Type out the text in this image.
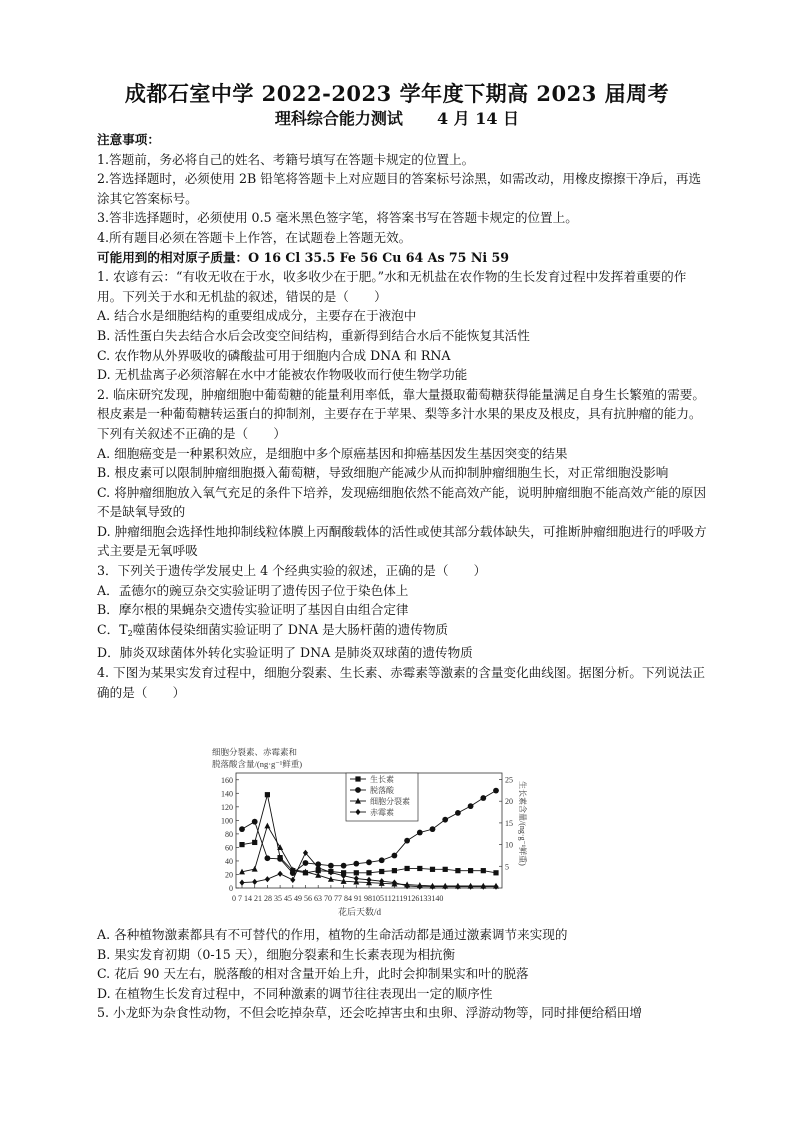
成都石室中学 2022-2023 学年度下期高 2023 届周考
理科综合能力测试 4 月 14 日

注意事项：

1.答题前，务必将自己的姓名、考籍号填写在答题卡规定的位置上。

2.答选择题时，必须使用 2B 铅笔将答题卡上对应题目的答案标号涂黑，如需改动，用橡皮擦擦干净后，再选涂其它答案标号。

3.答非选择题时，必须使用 0.5 毫米黑色签字笔，将答案书写在答题卡规定的位置上。

4.所有题目必须在答题卡上作答，在试题卷上答题无效。

可能用到的相对原子质量：O 16 Cl 35.5 Fe 56 Cu 64 As 75 Ni 59

1. 农谚有云：“有收无收在于水，收多收少在于肥。”水和无机盐在农作物的生长发育过程中发挥着重要的作用。下列关于水和无机盐的叙述，错误的是（　　）

A. 结合水是细胞结构的重要组成成分，主要存在于液泡中

B. 活性蛋白失去结合水后会改变空间结构，重新得到结合水后不能恢复其活性

C. 农作物从外界吸收的磷酸盐可用于细胞内合成 DNA 和 RNA

D. 无机盐离子必须溶解在水中才能被农作物吸收而行使生物学功能

2. 临床研究发现，肿瘤细胞中葡萄糖的能量利用率低，靠大量摄取葡萄糖获得能量满足自身生长繁殖的需要。根皮素是一种葡萄糖转运蛋白的抑制剂，主要存在于苹果、梨等多汁水果的果皮及根皮，具有抗肿瘤的能力。下列有关叙述不正确的是（　　）

A. 细胞癌变是一种累积效应，是细胞中多个原癌基因和抑癌基因发生基因突变的结果

B. 根皮素可以限制肿瘤细胞摄入葡萄糖，导致细胞产能减少从而抑制肿瘤细胞生长，对正常细胞没影响

C. 将肿瘤细胞放入氧气充足的条件下培养，发现癌细胞依然不能高效产能，说明肿瘤细胞不能高效产能的原因不是缺氧导致的

D. 肿瘤细胞会选择性地抑制线粒体膜上丙酮酸载体的活性或使其部分载体缺失，可推断肿瘤细胞进行的呼吸方式主要是无氧呼吸

3．下列关于遗传学发展史上 4 个经典实验的叙述，正确的是（　　）

A．孟德尔的豌豆杂交实验证明了遗传因子位于染色体上

B．摩尔根的果蝇杂交遗传实验证明了基因自由组合定律

C．$T_2$噬菌体侵染细菌实验证明了 DNA 是大肠杆菌的遗传物质

D．肺炎双球菌体外转化实验证明了 DNA 是肺炎双球菌的遗传物质

4. 下图为某果实发育过程中，细胞分裂素、生长素、赤霉素等激素的含量变化曲线图。据图分析。下列说法正确的是（　　）

细胞分裂素、赤霉素和
脱落酸含量/(ng·g⁻¹鲜重)
生长素含量/(ng·g⁻¹鲜重)
花后天数/d
0 7 14 21 28 35 45 49 56 63 70 77 84 91 98105112119126133140
0
20
40
60
80
100
120
140
160
5
10
15
20
25
生长素
脱落酸
细胞分裂素
赤霉素

A. 各种植物激素都具有不可替代的作用，植物的生命活动都是通过激素调节来实现的

B. 果实发育初期（0-15 天），细胞分裂素和生长素表现为相抗衡

C. 花后 90 天左右，脱落酸的相对含量开始上升，此时会抑制果实和叶的脱落

D. 在植物生长发育过程中，不同种激素的调节往往表现出一定的顺序性

5. 小龙虾为杂食性动物，不但会吃掉杂草，还会吃掉害虫和虫卵、浮游动物等，同时排便给稻田增
